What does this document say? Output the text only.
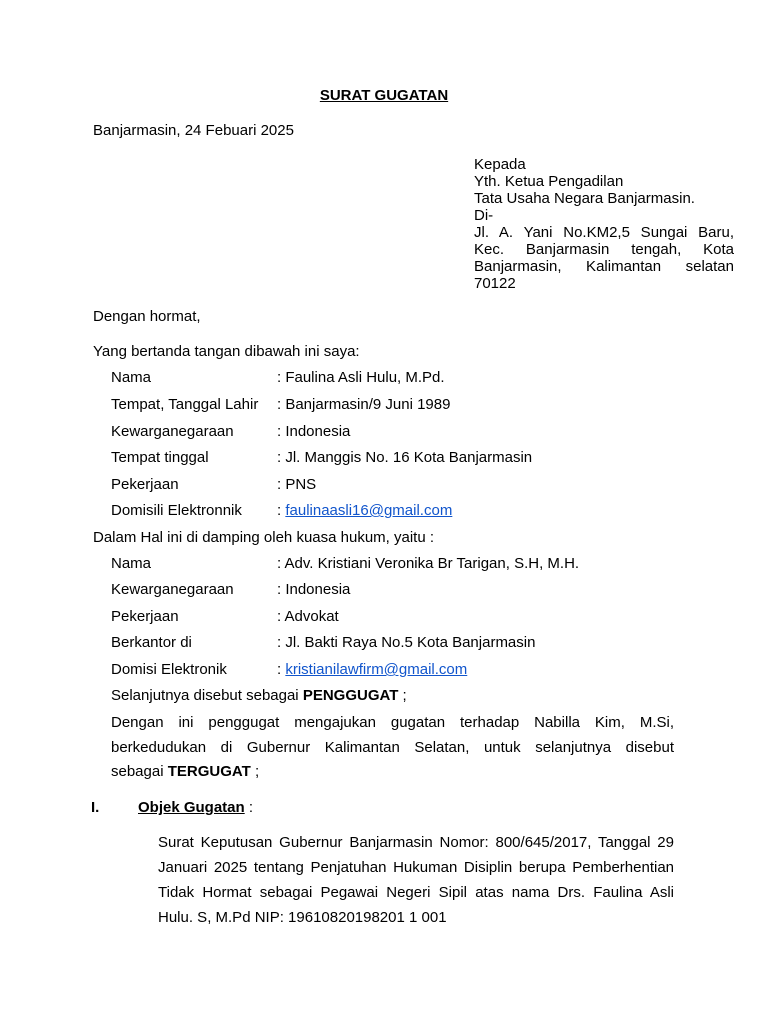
SURAT GUGATAN
Banjarmasin, 24 Febuari 2025
Kepada
Yth. Ketua Pengadilan
Tata Usaha Negara Banjarmasin.
Di-
Jl. A. Yani No.KM2,5 Sungai Baru,
Kec. Banjarmasin tengah, Kota
Banjarmasin, Kalimantan selatan
70122
Dengan hormat,
Yang bertanda tangan dibawah ini saya:
Nama	: Faulina Asli Hulu, M.Pd.
Tempat, Tanggal Lahir : Banjarmasin/9 Juni 1989
Kewarganegaraan	: Indonesia
Tempat tinggal	: Jl. Manggis No. 16 Kota Banjarmasin
Pekerjaan	: PNS
Domisili Elektronnik : faulinaasli16@gmail.com
Dalam Hal ini di damping oleh kuasa hukum, yaitu :
Nama	: Adv. Kristiani Veronika Br Tarigan, S.H, M.H.
Kewarganegaraan	: Indonesia
Pekerjaan	: Advokat
Berkantor di	: Jl. Bakti Raya No.5 Kota Banjarmasin
Domisi Elektronik	: kristianilawfirm@gmail.com
Selanjutnya disebut sebagai PENGGUGAT ;
Dengan ini penggugat mengajukan gugatan terhadap Nabilla Kim, M.Si,
berkedudukan di Gubernur Kalimantan Selatan, untuk selanjutnya disebut
sebagai TERGUGAT ;
I.	Objek Gugatan :
Surat Keputusan Gubernur Banjarmasin Nomor: 800/645/2017, Tanggal 29
Januari 2025 tentang Penjatuhan Hukuman Disiplin berupa Pemberhentian
Tidak Hormat sebagai Pegawai Negeri Sipil atas nama Drs. Faulina Asli
Hulu. S, M.Pd NIP: 19610820198201 1 001
